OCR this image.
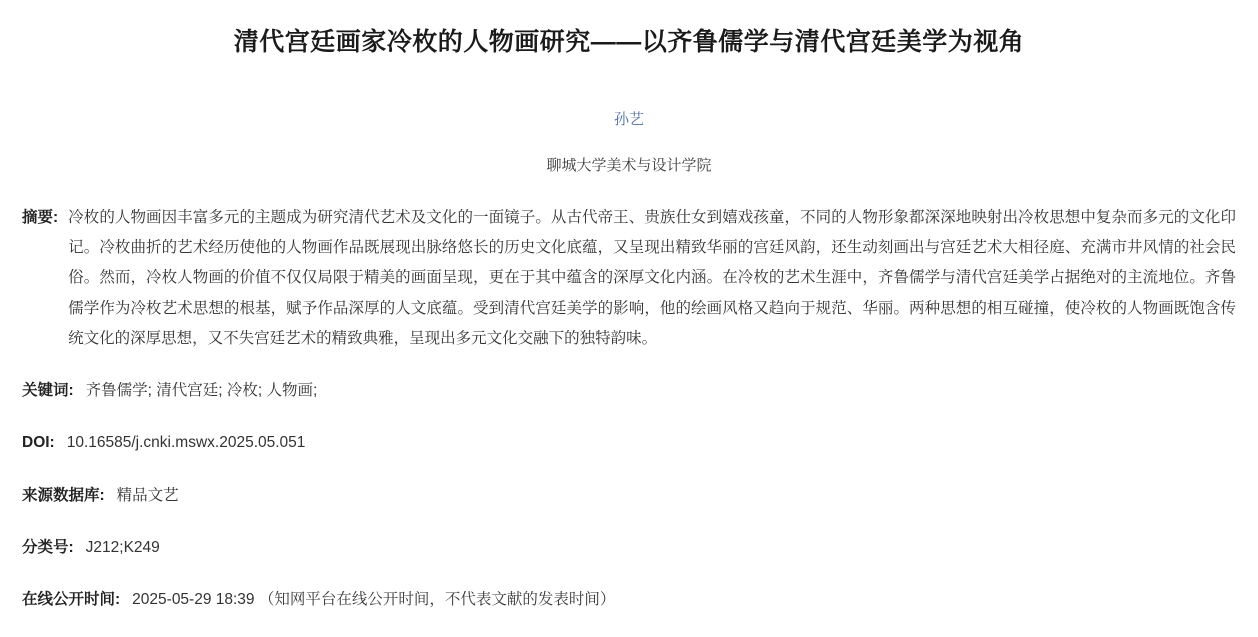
清代宫廷画家冷枚的人物画研究——以齐鲁儒学与清代宫廷美学为视角
孙艺
聊城大学美术与设计学院
摘要: 冷枚的人物画因丰富多元的主题成为研究清代艺术及文化的一面镜子。从古代帝王、贵族仕女到嬉戏孩童，不同的人物形象都深深地映射出冷枚思想中复杂而多元的文化印记。冷枚曲折的艺术经历使他的人物画作品既展现出脉络悠长的历史文化底蕴，又呈现出精致华丽的宫廷风韵，还生动刻画出与宫廷艺术大相径庭、充满市井风情的社会民俗。然而，冷枚人物画的价值不仅仅局限于精美的画面呈现，更在于其中蕴含的深厚文化内涵。在冷枚的艺术生涯中，齐鲁儒学与清代宫廷美学占据绝对的主流地位。齐鲁儒学作为冷枚艺术思想的根基，赋予作品深厚的人文底蕴。受到清代宫廷美学的影响，他的绘画风格又趋向于规范、华丽。两种思想的相互碰撞，使冷枚的人物画既饱含传统文化的深厚思想，又不失宫廷艺术的精致典雅，呈现出多元文化交融下的独特韵味。
关键词: 齐鲁儒学; 清代宫廷; 冷枚; 人物画;
DOI: 10.16585/j.cnki.mswx.2025.05.051
来源数据库: 精品文艺
分类号: J212;K249
在线公开时间: 2025-05-29 18:39 （知网平台在线公开时间，不代表文献的发表时间）
